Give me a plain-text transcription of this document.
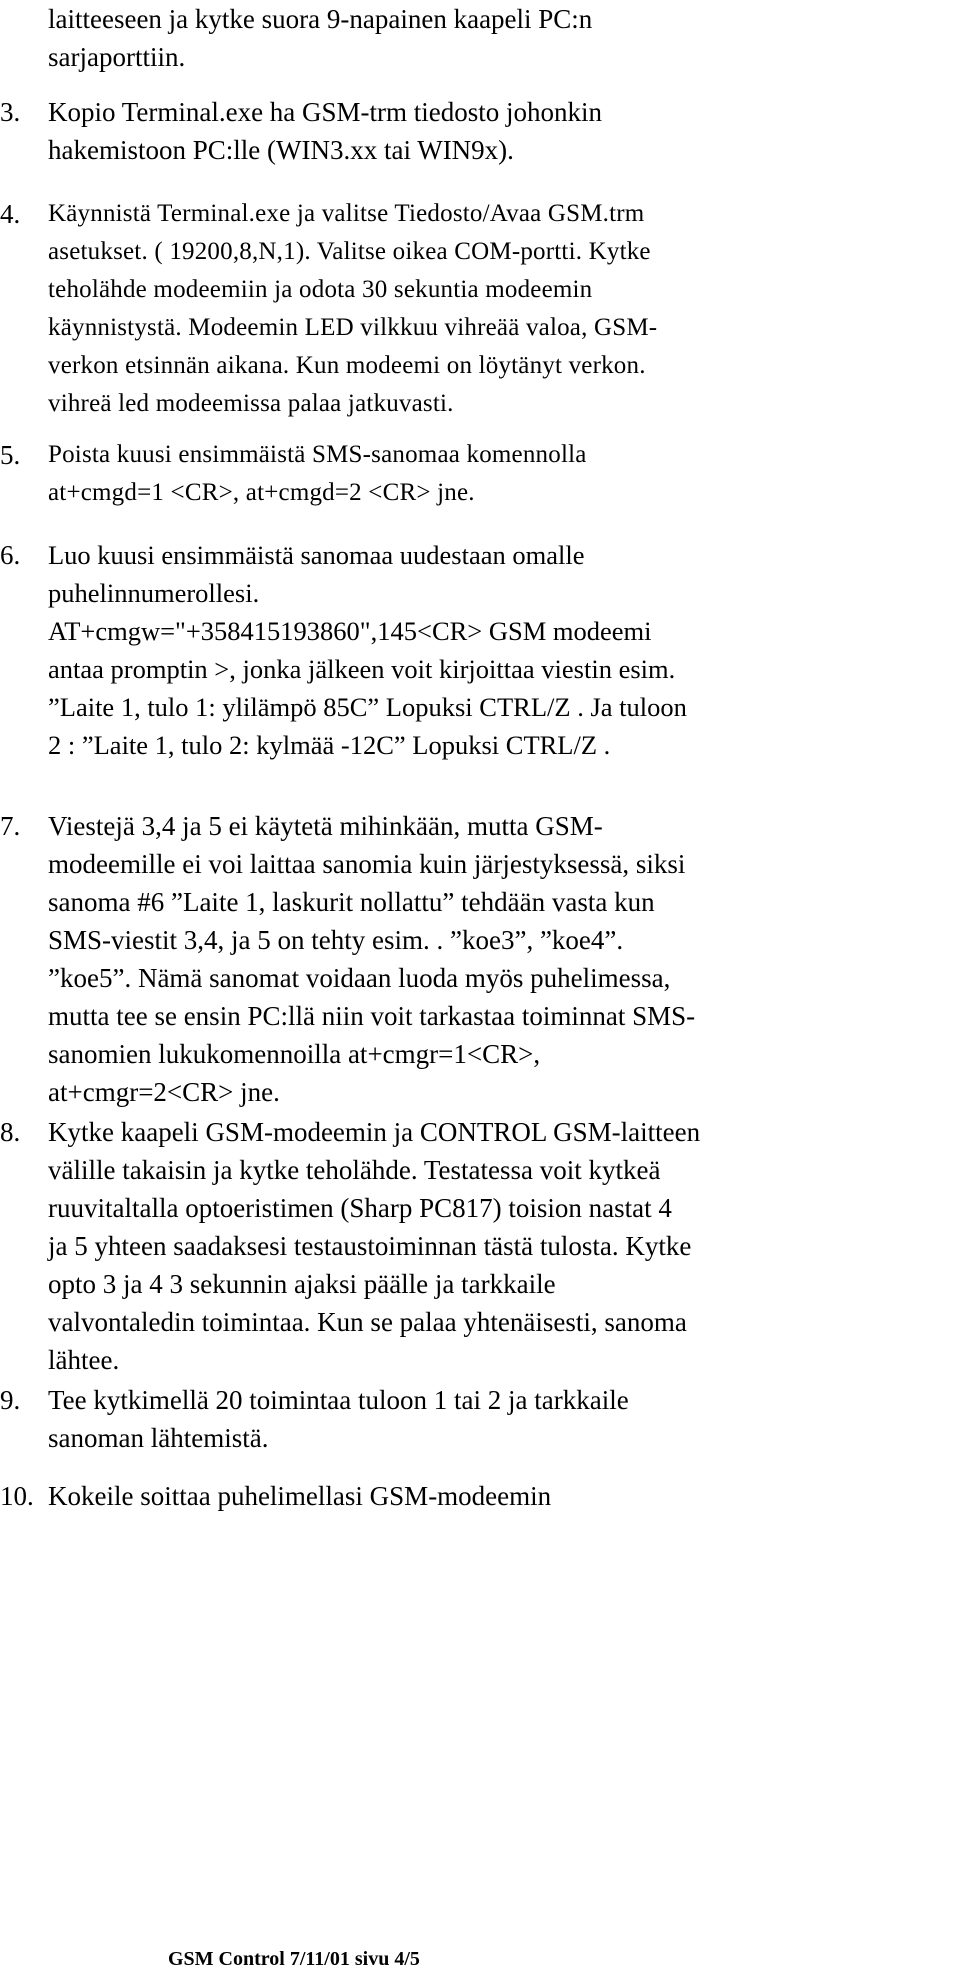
laitteeseen ja kytke suora 9-napainen kaapeli PC:n
sarjaporttiin.
3.	Kopio Terminal.exe ha GSM-trm tiedosto johonkin
hakemistoon PC:lle (WIN3.xx tai WIN9x).
4.	Käynnistä Terminal.exe ja valitse Tiedosto/Avaa GSM.trm
asetukset. ( 19200,8,N,1). Valitse oikea COM-portti. Kytke
teholähde modeemiin ja odota 30 sekuntia modeemin
käynnistystä. Modeemin LED vilkkuu vihreää valoa, GSM-
verkon etsinnän aikana. Kun modeemi on löytänyt verkon.
vihreä led modeemissa palaa jatkuvasti.
5.	Poista kuusi ensimmäistä SMS-sanomaa komennolla
at+cmgd=1 <CR>, at+cmgd=2 <CR> jne.
6.	Luo kuusi ensimmäistä sanomaa uudestaan omalle
puhelinnumerollesi.
AT+cmgw="+358415193860",145<CR> GSM modeemi
antaa promptin >, jonka jälkeen voit kirjoittaa viestin esim.
”Laite 1, tulo 1: ylilämpö 85C” Lopuksi CTRL/Z . Ja tuloon
2 : ”Laite 1, tulo 2: kylmää -12C” Lopuksi CTRL/Z .
7.	Viestejä 3,4 ja 5 ei käytetä mihinkään, mutta GSM-
modeemille ei voi laittaa sanomia kuin järjestyksessä, siksi
sanoma #6 ”Laite 1, laskurit nollattu” tehdään vasta kun
SMS-viestit 3,4, ja 5 on tehty esim. . ”koe3”, ”koe4”.
”koe5”. Nämä sanomat voidaan luoda myös puhelimessa,
mutta tee se ensin PC:llä niin voit tarkastaa toiminnat SMS-
sanomien lukukomennoilla at+cmgr=1<CR>,
at+cmgr=2<CR> jne.
8.	Kytke kaapeli GSM-modeemin ja CONTROL GSM-laitteen
välille takaisin ja kytke teholähde. Testatessa voit kytkeä
ruuvitaltalla optoeristimen (Sharp PC817) toision nastat 4
ja 5 yhteen saadaksesi testaustoiminnan tästä tulosta. Kytke
opto 3 ja 4 3 sekunnin ajaksi päälle ja tarkkaile
valvontaledin toimintaa. Kun se palaa yhtenäisesti, sanoma
lähtee.
9.	Tee kytkimellä 20 toimintaa tuloon 1 tai 2 ja tarkkaile
sanoman lähtemistä.
10. Kokeile soittaa puhelimellasi GSM-modeemin
GSM Control 7/11/01 sivu 4/5
